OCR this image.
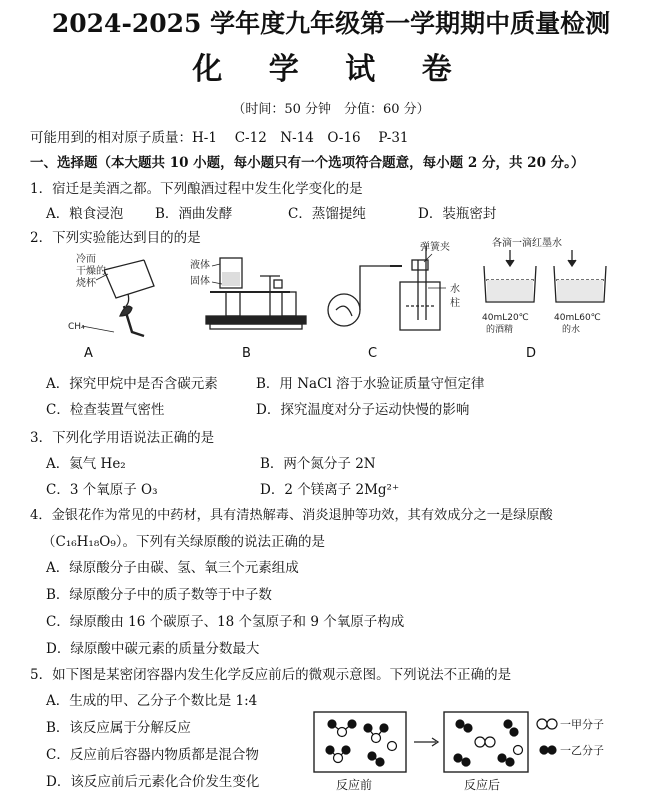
2024-2025 学年度九年级第一学期期中质量检测
化 学 试 卷
（时间：50 分钟　分值：60 分）
可能用到的相对原子质量：H-1　 C-12　N-14　O-16　 P-31
一、选择题（本大题共 10 小题，每小题只有一个选项符合题意，每小题 2 分，共 20 分。）
1．宿迁是美酒之都。下列酿酒过程中发生化学变化的是
A．粮食浸泡 B．酒曲发酵	C．蒸馏提纯	D．装瓶密封
2．下列实验能达到目的的是
冷而
干燥的
烧杯
CH₄
A
液体
固体
B
弹簧夹
水
柱
C
各滴一滴红墨水
40mL20℃
的酒精
40mL60℃
的水
D
A．探究甲烷中是否含碳元素	B．用 NaCl 溶于水验证质量守恒定律
C．检查装置气密性	D．探究温度对分子运动快慢的影响
3．下列化学用语说法正确的是
A．氦气 He₂	B．两个氮分子 2N
C．3 个氧原子 O₃	D．2 个镁离子 2Mg²⁺
4．金银花作为常见的中药材，具有清热解毒、消炎退肿等功效，其有效成分之一是绿原酸
（C₁₆H₁₈O₉）。下列有关绿原酸的说法正确的是
A．绿原酸分子由碳、氢、氧三个元素组成
B．绿原酸分子中的质子数等于中子数
C．绿原酸由 16 个碳原子、18 个氢原子和 9 个氧原子构成
D．绿原酸中碳元素的质量分数最大
5．如下图是某密闭容器内发生化学反应前后的微观示意图。下列说法不正确的是
A．生成的甲、乙分子个数比是 1:4
B．该反应属于分解反应
C．反应前后容器内物质都是混合物
D．该反应前后元素化合价发生变化	反应前	反应后
一甲分子
一乙分子
